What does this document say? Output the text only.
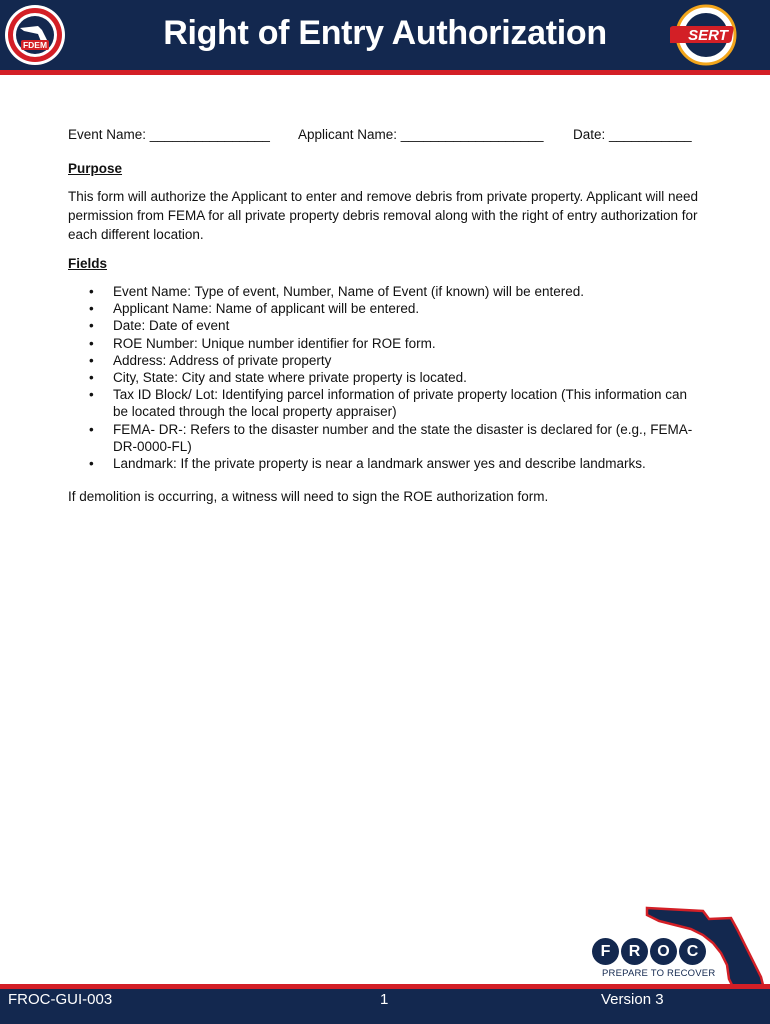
FDEM	Right of Entry Authorization	SERT
Event Name: ________________ Applicant Name: ___________________ Date: ___________
Purpose
This form will authorize the Applicant to enter and remove debris from private property. Applicant will need permission from FEMA for all private property debris removal along with the right of entry authorization for each different location.
Fields
• Event Name: Type of event, Number, Name of Event (if known) will be entered.
• Applicant Name: Name of applicant will be entered.
• Date: Date of event
• ROE Number: Unique number identifier for ROE form.
• Address: Address of private property
• City, State: City and state where private property is located.
• Tax ID Block/ Lot: Identifying parcel information of private property location (This information can be located through the local property appraiser)
• FEMA- DR-: Refers to the disaster number and the state the disaster is declared for (e.g., FEMA- DR-0000-FL)
• Landmark: If the private property is near a landmark answer yes and describe landmarks.
If demolition is occurring, a witness will need to sign the ROE authorization form.
F	R	O	C
PREPARE TO RECOVER
FROC-GUI-003	1	Version 3
